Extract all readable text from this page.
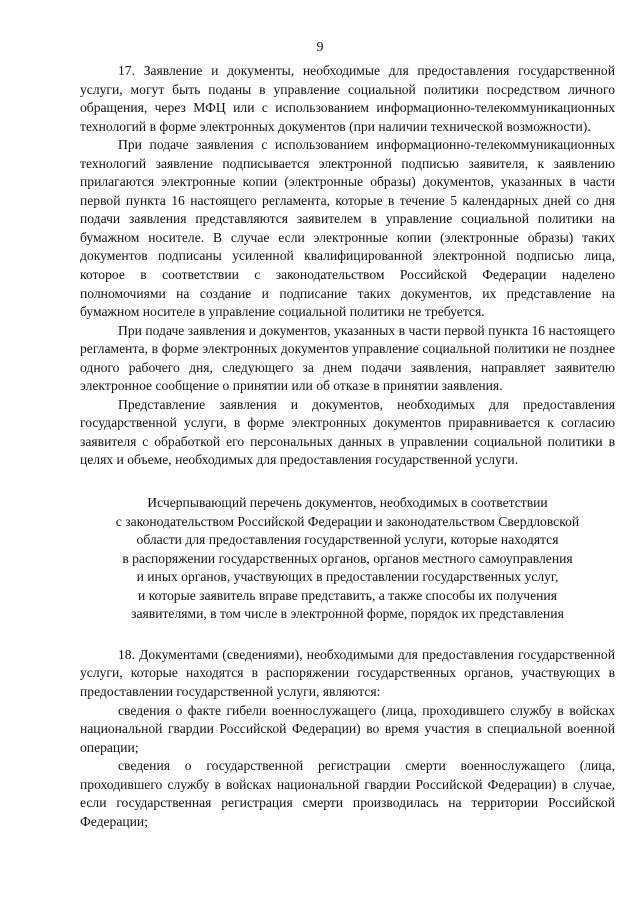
9

17. Заявление и документы, необходимые для предоставления государственной услуги, могут быть поданы в управление социальной политики посредством личного обращения, через МФЦ или с использованием информационно-телекоммуникационных технологий в форме электронных документов (при наличии технической возможности).

При подаче заявления с использованием информационно-телекоммуникационных технологий заявление подписывается электронной подписью заявителя, к заявлению прилагаются электронные копии (электронные образы) документов, указанных в части первой пункта 16 настоящего регламента, которые в течение 5 календарных дней со дня подачи заявления представляются заявителем в управление социальной политики на бумажном носителе. В случае если электронные копии (электронные образы) таких документов подписаны усиленной квалифицированной электронной подписью лица, которое в соответствии с законодательством Российской Федерации наделено полномочиями на создание и подписание таких документов, их представление на бумажном носителе в управление социальной политики не требуется.

При подаче заявления и документов, указанных в части первой пункта 16 настоящего регламента, в форме электронных документов управление социальной политики не позднее одного рабочего дня, следующего за днем подачи заявления, направляет заявителю электронное сообщение о принятии или об отказе в принятии заявления.

Представление заявления и документов, необходимых для предоставления государственной услуги, в форме электронных документов приравнивается к согласию заявителя с обработкой его персональных данных в управлении социальной политики в целях и объеме, необходимых для предоставления государственной услуги.

Исчерпывающий перечень документов, необходимых в соответствии
с законодательством Российской Федерации и законодательством Свердловской
области для предоставления государственной услуги, которые находятся
в распоряжении государственных органов, органов местного самоуправления
и иных органов, участвующих в предоставлении государственных услуг,
и которые заявитель вправе представить, а также способы их получения
заявителями, в том числе в электронной форме, порядок их представления

18. Документами (сведениями), необходимыми для предоставления государственной услуги, которые находятся в распоряжении государственных органов, участвующих в предоставлении государственной услуги, являются:

сведения о факте гибели военнослужащего (лица, проходившего службу в войсках национальной гвардии Российской Федерации) во время участия в специальной военной операции;

сведения о государственной регистрации смерти военнослужащего (лица, проходившего службу в войсках национальной гвардии Российской Федерации) в случае, если государственная регистрация смерти производилась на территории Российской Федерации;
